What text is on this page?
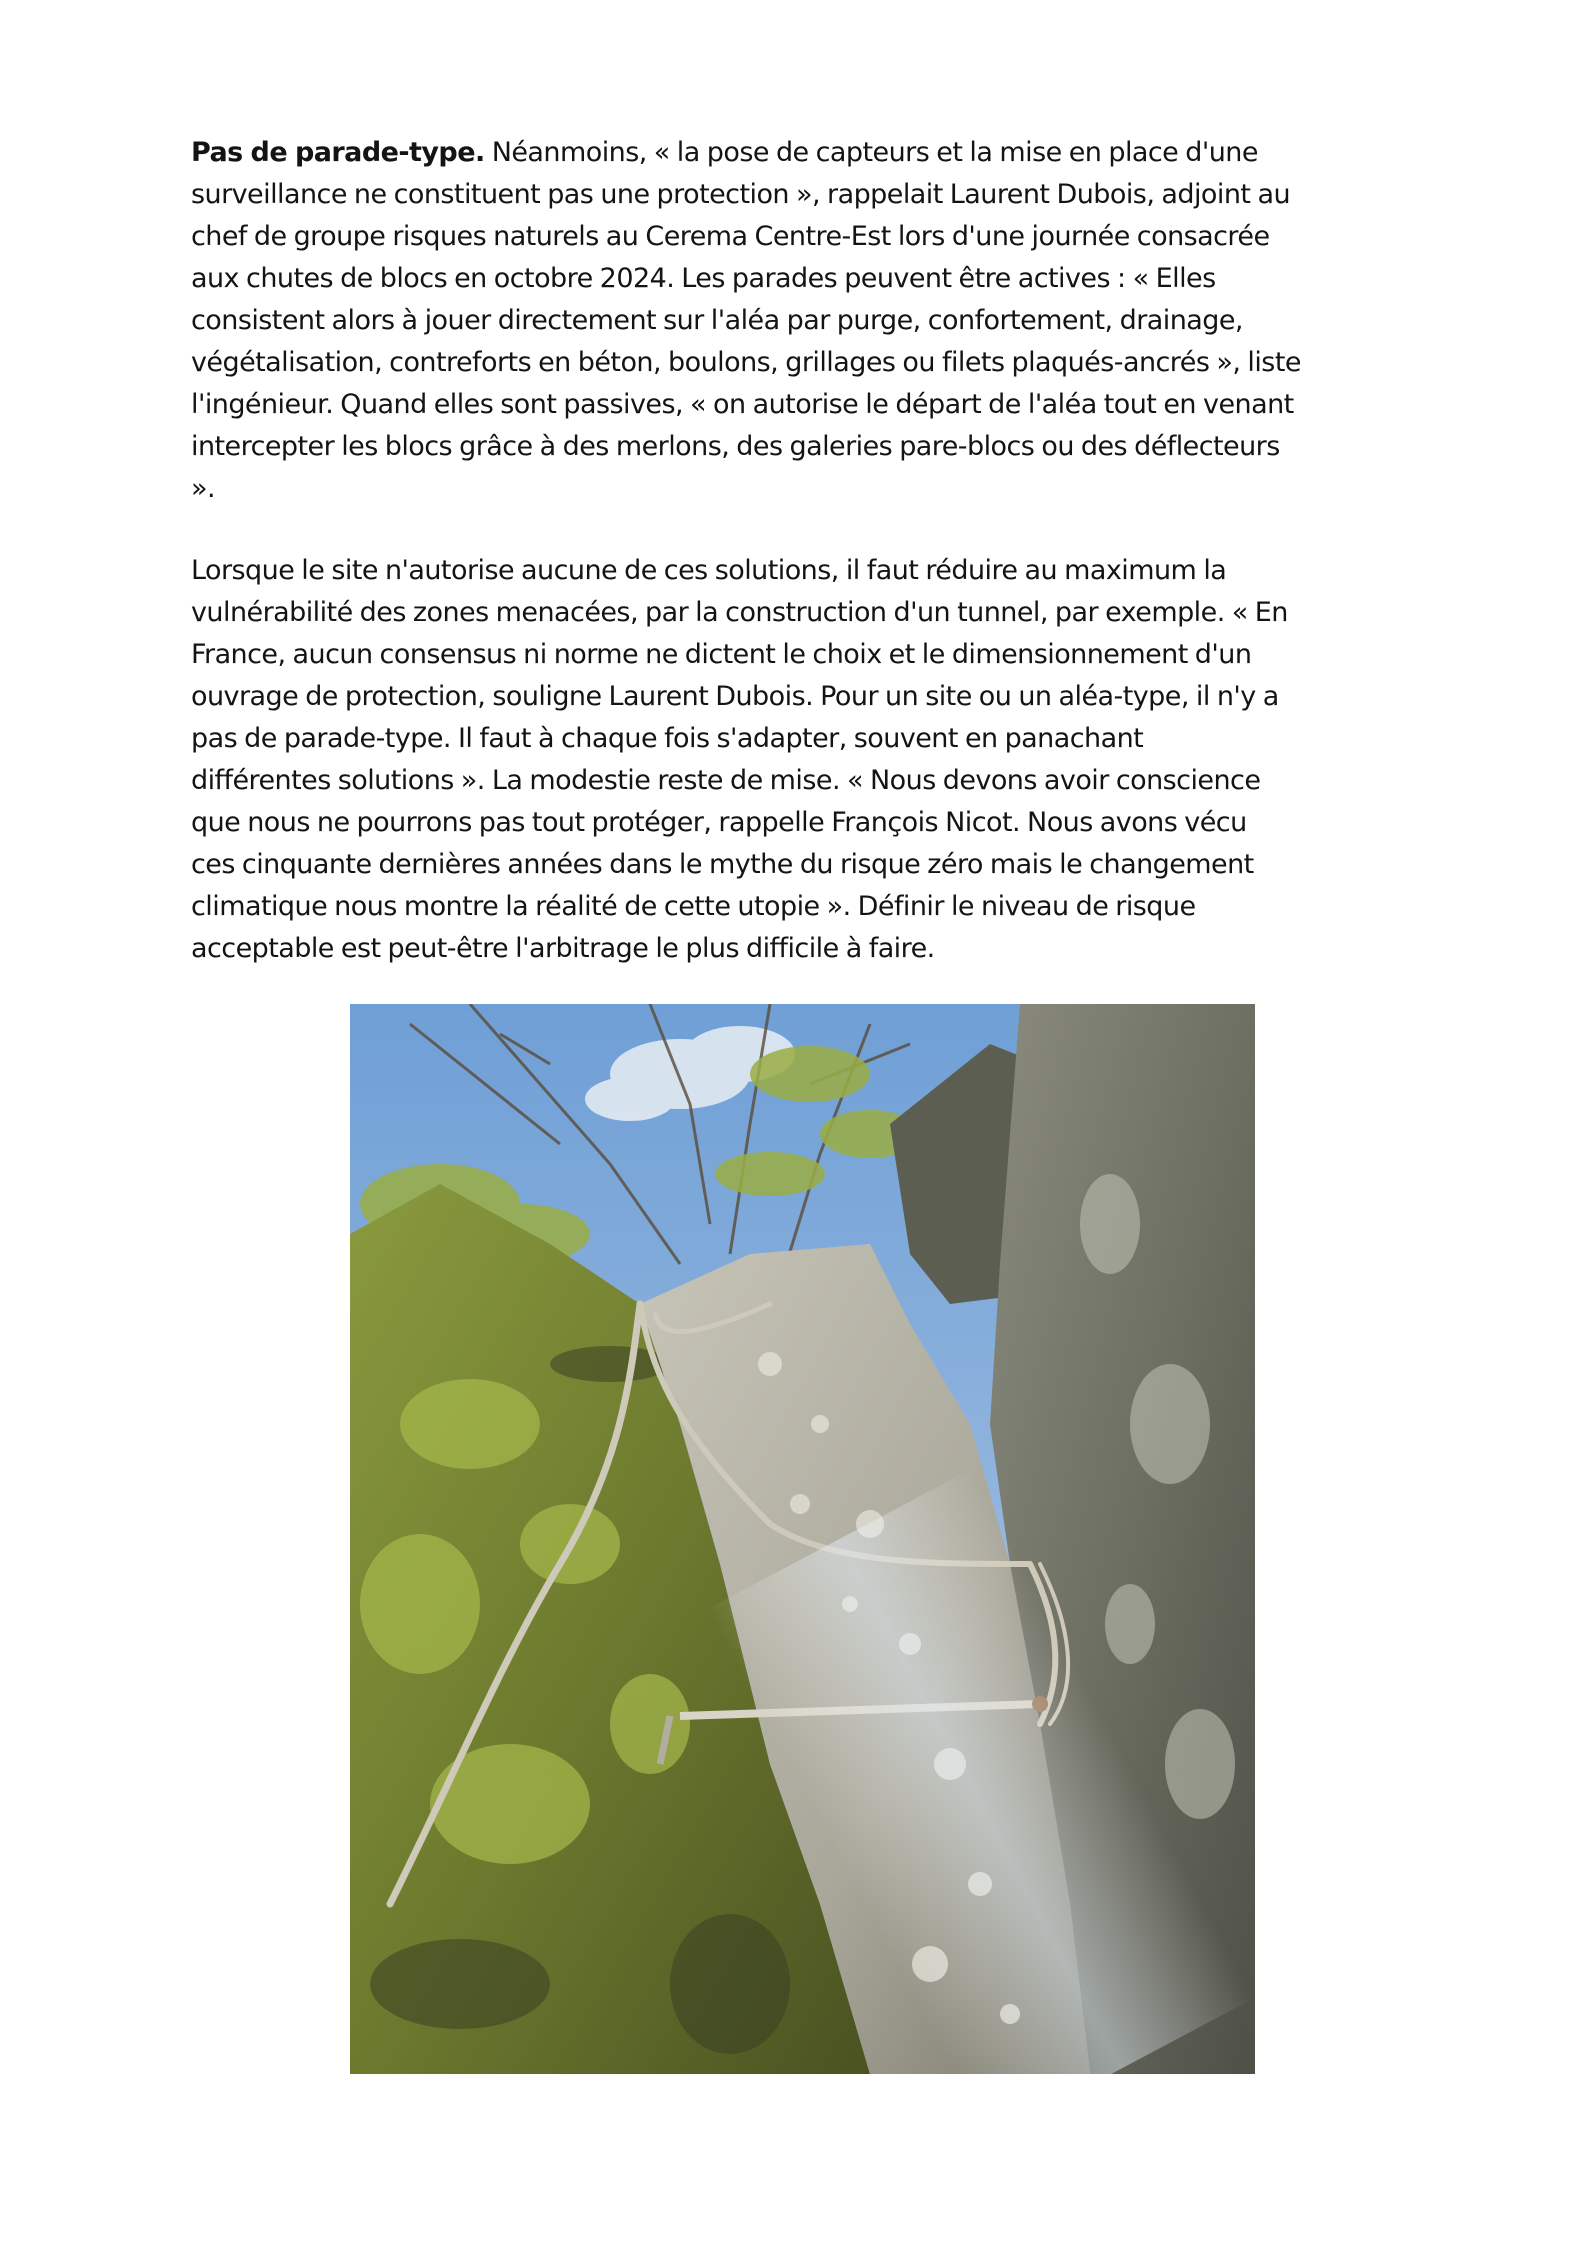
Pas de parade-type. Néanmoins, « la pose de capteurs et la mise en place d'une
surveillance ne constituent pas une protection », rappelait Laurent Dubois, adjoint au
chef de groupe risques naturels au Cerema Centre-Est lors d'une journée consacrée
aux chutes de blocs en octobre 2024. Les parades peuvent être actives : « Elles
consistent alors à jouer directement sur l'aléa par purge, confortement, drainage,
végétalisation, contreforts en béton, boulons, grillages ou filets plaqués-ancrés », liste
l'ingénieur. Quand elles sont passives, « on autorise le départ de l'aléa tout en venant
intercepter les blocs grâce à des merlons, des galeries pare-blocs ou des déflecteurs
».

Lorsque le site n'autorise aucune de ces solutions, il faut réduire au maximum la
vulnérabilité des zones menacées, par la construction d'un tunnel, par exemple. « En
France, aucun consensus ni norme ne dictent le choix et le dimensionnement d'un
ouvrage de protection, souligne Laurent Dubois. Pour un site ou un aléa-type, il n'y a
pas de parade-type. Il faut à chaque fois s'adapter, souvent en panachant
différentes solutions ». La modestie reste de mise. « Nous devons avoir conscience
que nous ne pourrons pas tout protéger, rappelle François Nicot. Nous avons vécu
ces cinquante dernières années dans le mythe du risque zéro mais le changement
climatique nous montre la réalité de cette utopie ». Définir le niveau de risque
acceptable est peut-être l'arbitrage le plus difficile à faire.
